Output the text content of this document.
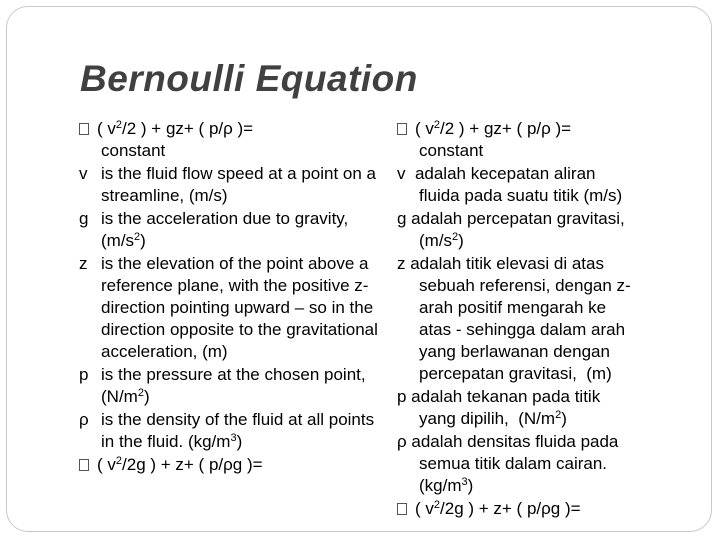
Bernoulli Equation
( $v^2/2$ ) + gz+ ( p/ρ )=
constant
v is the fluid flow speed at a point on a streamline, (m/s)
g is the acceleration due to gravity, $(m/s^2)$
z is the elevation of the point above a reference plane, with the positive z-direction pointing upward – so in the direction opposite to the gravitational acceleration, (m)
p is the pressure at the chosen point, $(N/m^2)$
ρ is the density of the fluid at all points in the fluid. $(kg/m^3)$
( $v^2/2g$ ) + z+ ( p/ρg )=
( $v^2/2$ ) + gz+ ( p/ρ )=
constant
v  adalah kecepatan aliran
fluida pada suatu titik (m/s)
g adalah percepatan gravitasi,
$(m/s^2)$
z adalah titik elevasi di atas
sebuah referensi, dengan z-
arah positif mengarah ke
atas - sehingga dalam arah
yang berlawanan dengan
percepatan gravitasi,  (m)
p adalah tekanan pada titik
yang dipilih,  $(N/m^2)$
ρ adalah densitas fluida pada
semua titik dalam cairan.
$(kg/m^3)$
( $v^2/2g$ ) + z+ ( p/ρg )=
